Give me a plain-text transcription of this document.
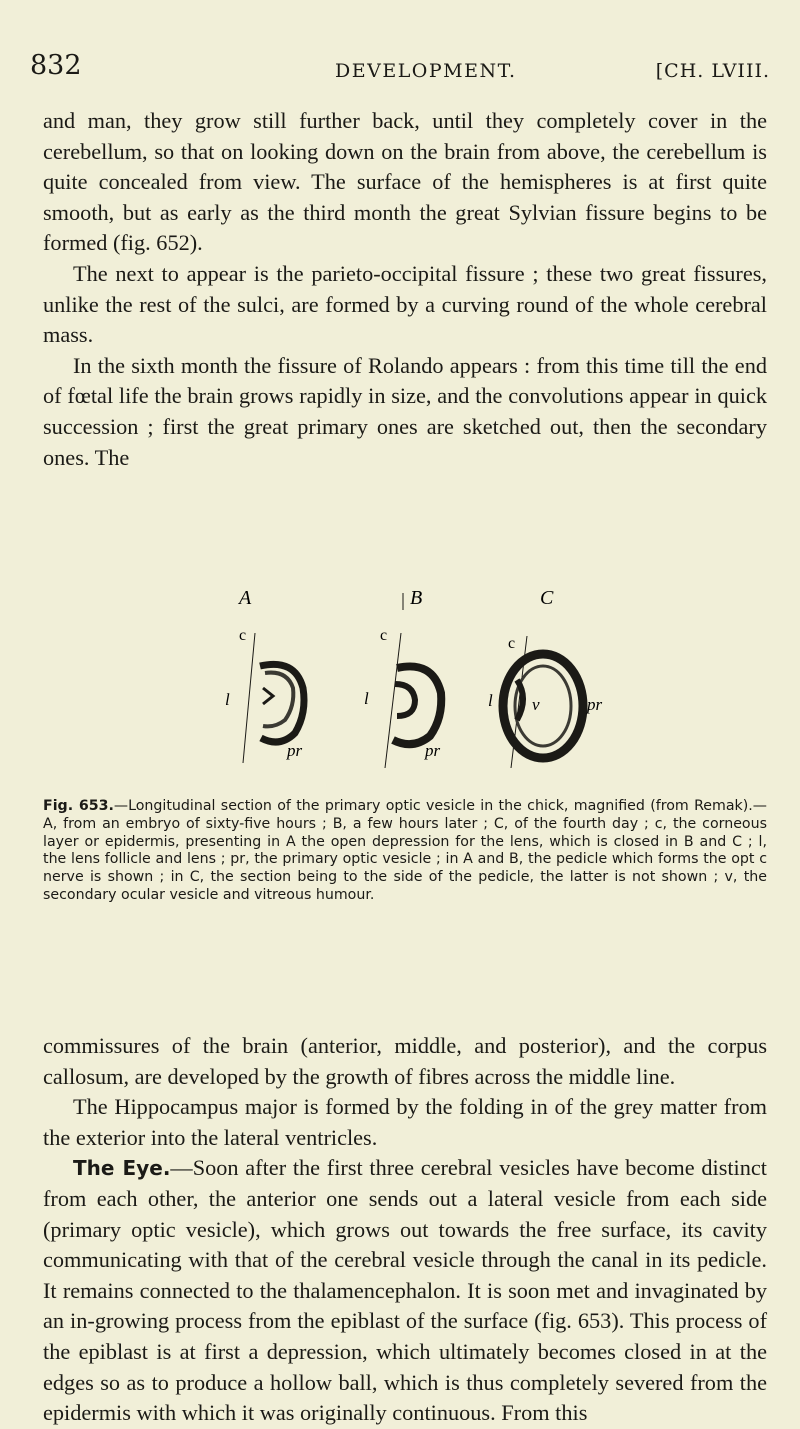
832	DEVELOPMENT.	[CH. LVIII.

and man, they grow still further back, until they completely cover in the cerebellum, so that on looking down on the brain from above, the cerebellum is quite concealed from view. The surface of the hemispheres is at first quite smooth, but as early as the third month the great Sylvian fissure begins to be formed (fig. 652).

The next to appear is the parieto-occipital fissure ; these two great fissures, unlike the rest of the sulci, are formed by a curving round of the whole cerebral mass.

In the sixth month the fissure of Rolando appears : from this time till the end of fœtal life the brain grows rapidly in size, and the convolutions appear in quick succession ; first the great primary ones are sketched out, then the secondary ones. The

A
c
l
pr
B
c
l
pr
C
c
l v	pr
Fig. 653.—Longitudinal section of the primary optic vesicle in the chick, magnified (from Remak).—A, from an embryo of sixty-five hours ; B, a few hours later ; C, of the fourth day ; c, the corneous layer or epidermis, presenting in A the open depression for the lens, which is closed in B and C ; l, the lens follicle and lens ; pr, the primary optic vesicle ; in A and B, the pedicle which forms the opt c nerve is shown ; in C, the section being to the side of the pedicle, the latter is not shown ; v, the secondary ocular vesicle and vitreous humour.

commissures of the brain (anterior, middle, and posterior), and the corpus callosum, are developed by the growth of fibres across the middle line.

The Hippocampus major is formed by the folding in of the grey matter from the exterior into the lateral ventricles.

The Eye.—Soon after the first three cerebral vesicles have become distinct from each other, the anterior one sends out a lateral vesicle from each side (primary optic vesicle), which grows out towards the free surface, its cavity communicating with that of the cerebral vesicle through the canal in its pedicle. It remains connected to the thalamencephalon. It is soon met and invaginated by an in-growing process from the epiblast of the surface (fig. 653). This process of the epiblast is at first a depression, which ultimately becomes closed in at the edges so as to produce a hollow ball, which is thus completely severed from the epidermis with which it was originally continuous. From this
